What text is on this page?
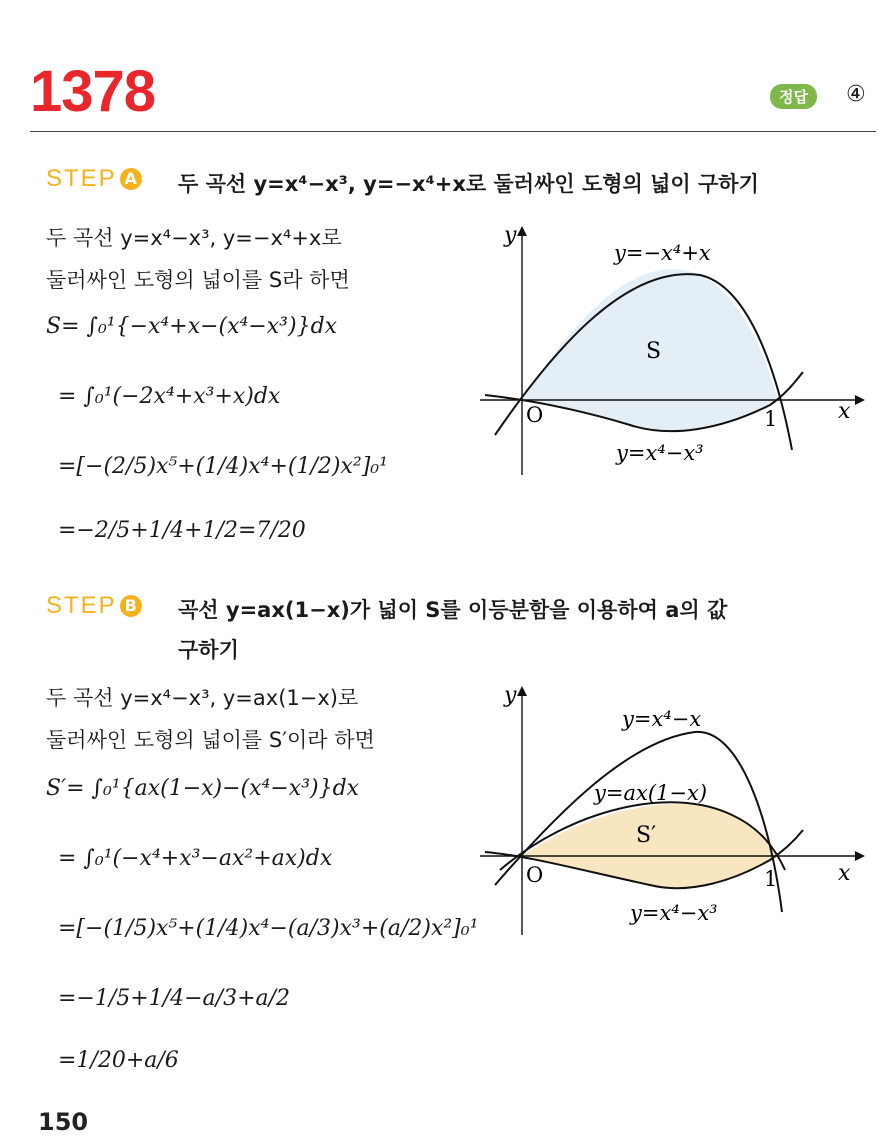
1378	정답	④
STEP A 두 곡선 y=x⁴−x³, y=−x⁴+x로 둘러싸인 도형의 넓이 구하기
두 곡선 y=x⁴−x³, y=−x⁴+x로
둘러싸인 도형의 넓이를 S라 하면
S= ∫₀¹{−x⁴+x−(x⁴−x³)}dx
= ∫₀¹(−2x⁴+x³+x)dx
=[−(2/5)x⁵+(1/4)x⁴+(1/2)x²]₀¹
=−2/5+1/4+1/2=7/20
y
x
O	1
y=−x⁴+x
y=x⁴−x³
S
STEP B 곡선 y=ax(1−x)가 넓이 S를 이등분함을 이용하여 a의 값
구하기
두 곡선 y=x⁴−x³, y=ax(1−x)로
둘러싸인 도형의 넓이를 S′이라 하면
S′= ∫₀¹{ax(1−x)−(x⁴−x³)}dx
= ∫₀¹(−x⁴+x³−ax²+ax)dx
=[−(1/5)x⁵+(1/4)x⁴−(a/3)x³+(a/2)x²]₀¹
=−1/5+1/4−a/3+a/2
=1/20+a/6
y
x
O	1
y=x⁴−x
y=ax(1−x)
y=x⁴−x³
S′
150
